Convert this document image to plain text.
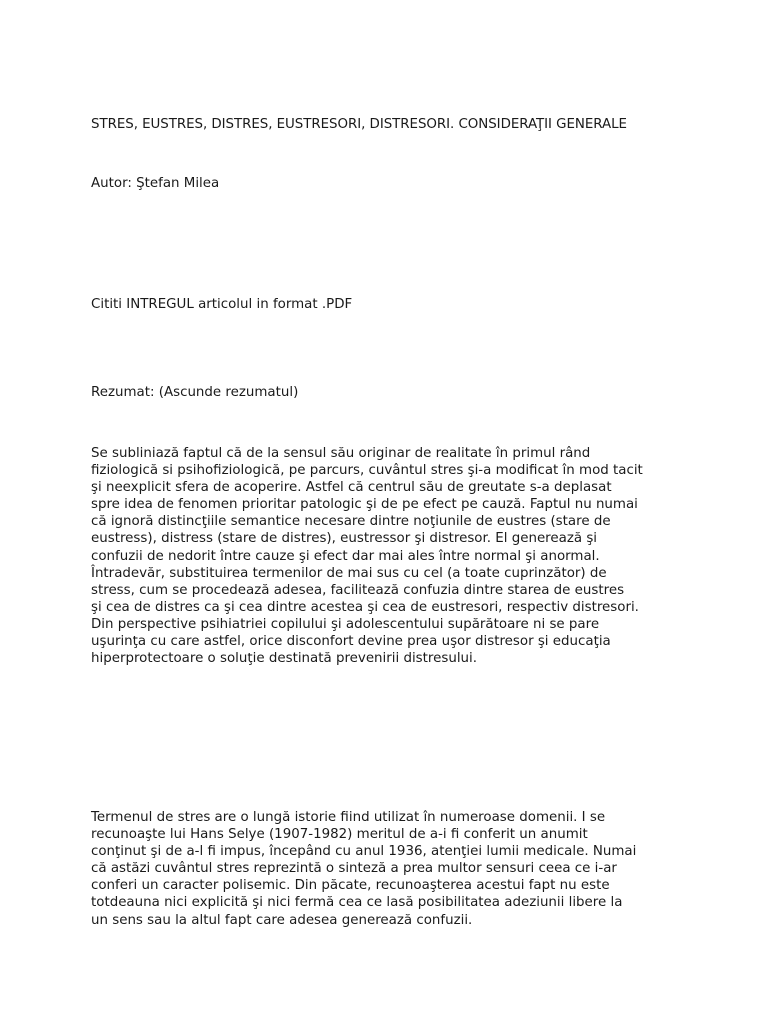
STRES, EUSTRES, DISTRES, EUSTRESORI, DISTRESORI. CONSIDERAŢII GENERALE

Autor: Ştefan Milea

Cititi INTREGUL articolul in format .PDF

Rezumat: (Ascunde rezumatul)

Se subliniază faptul că de la sensul său originar de realitate în primul rând
fiziologică si psihofiziologică, pe parcurs, cuvântul stres şi-a modificat în mod tacit
şi neexplicit sfera de acoperire. Astfel că centrul său de greutate s-a deplasat
spre idea de fenomen prioritar patologic şi de pe efect pe cauză. Faptul nu numai
că ignoră distincţiile semantice necesare dintre noţiunile de eustres (stare de
eustress), distress (stare de distres), eustressor şi distresor. El generează şi
confuzii de nedorit între cauze şi efect dar mai ales între normal şi anormal.
Întradevăr, substituirea termenilor de mai sus cu cel (a toate cuprinzător) de
stress, cum se procedează adesea, facilitează confuzia dintre starea de eustres
şi cea de distres ca şi cea dintre acestea şi cea de eustresori, respectiv distresori.
Din perspective psihiatriei copilului şi adolescentului supărătoare ni se pare
uşurinţa cu care astfel, orice disconfort devine prea uşor distresor şi educaţia
hiperprotectoare o soluţie destinată prevenirii distresului.
Termenul de stres are o lungă istorie fiind utilizat în numeroase domenii. I se
recunoaşte lui Hans Selye (1907-1982) meritul de a-i fi conferit un anumit
conţinut şi de a-l fi impus, începând cu anul 1936, atenţiei lumii medicale. Numai
că astăzi cuvântul stres reprezintă o sinteză a prea multor sensuri ceea ce i-ar
conferi un caracter polisemic. Din păcate, recunoaşterea acestui fapt nu este
totdeauna nici explicită şi nici fermă cea ce lasă posibilitatea adeziunii libere la
un sens sau la altul fapt care adesea generează confuzii.
